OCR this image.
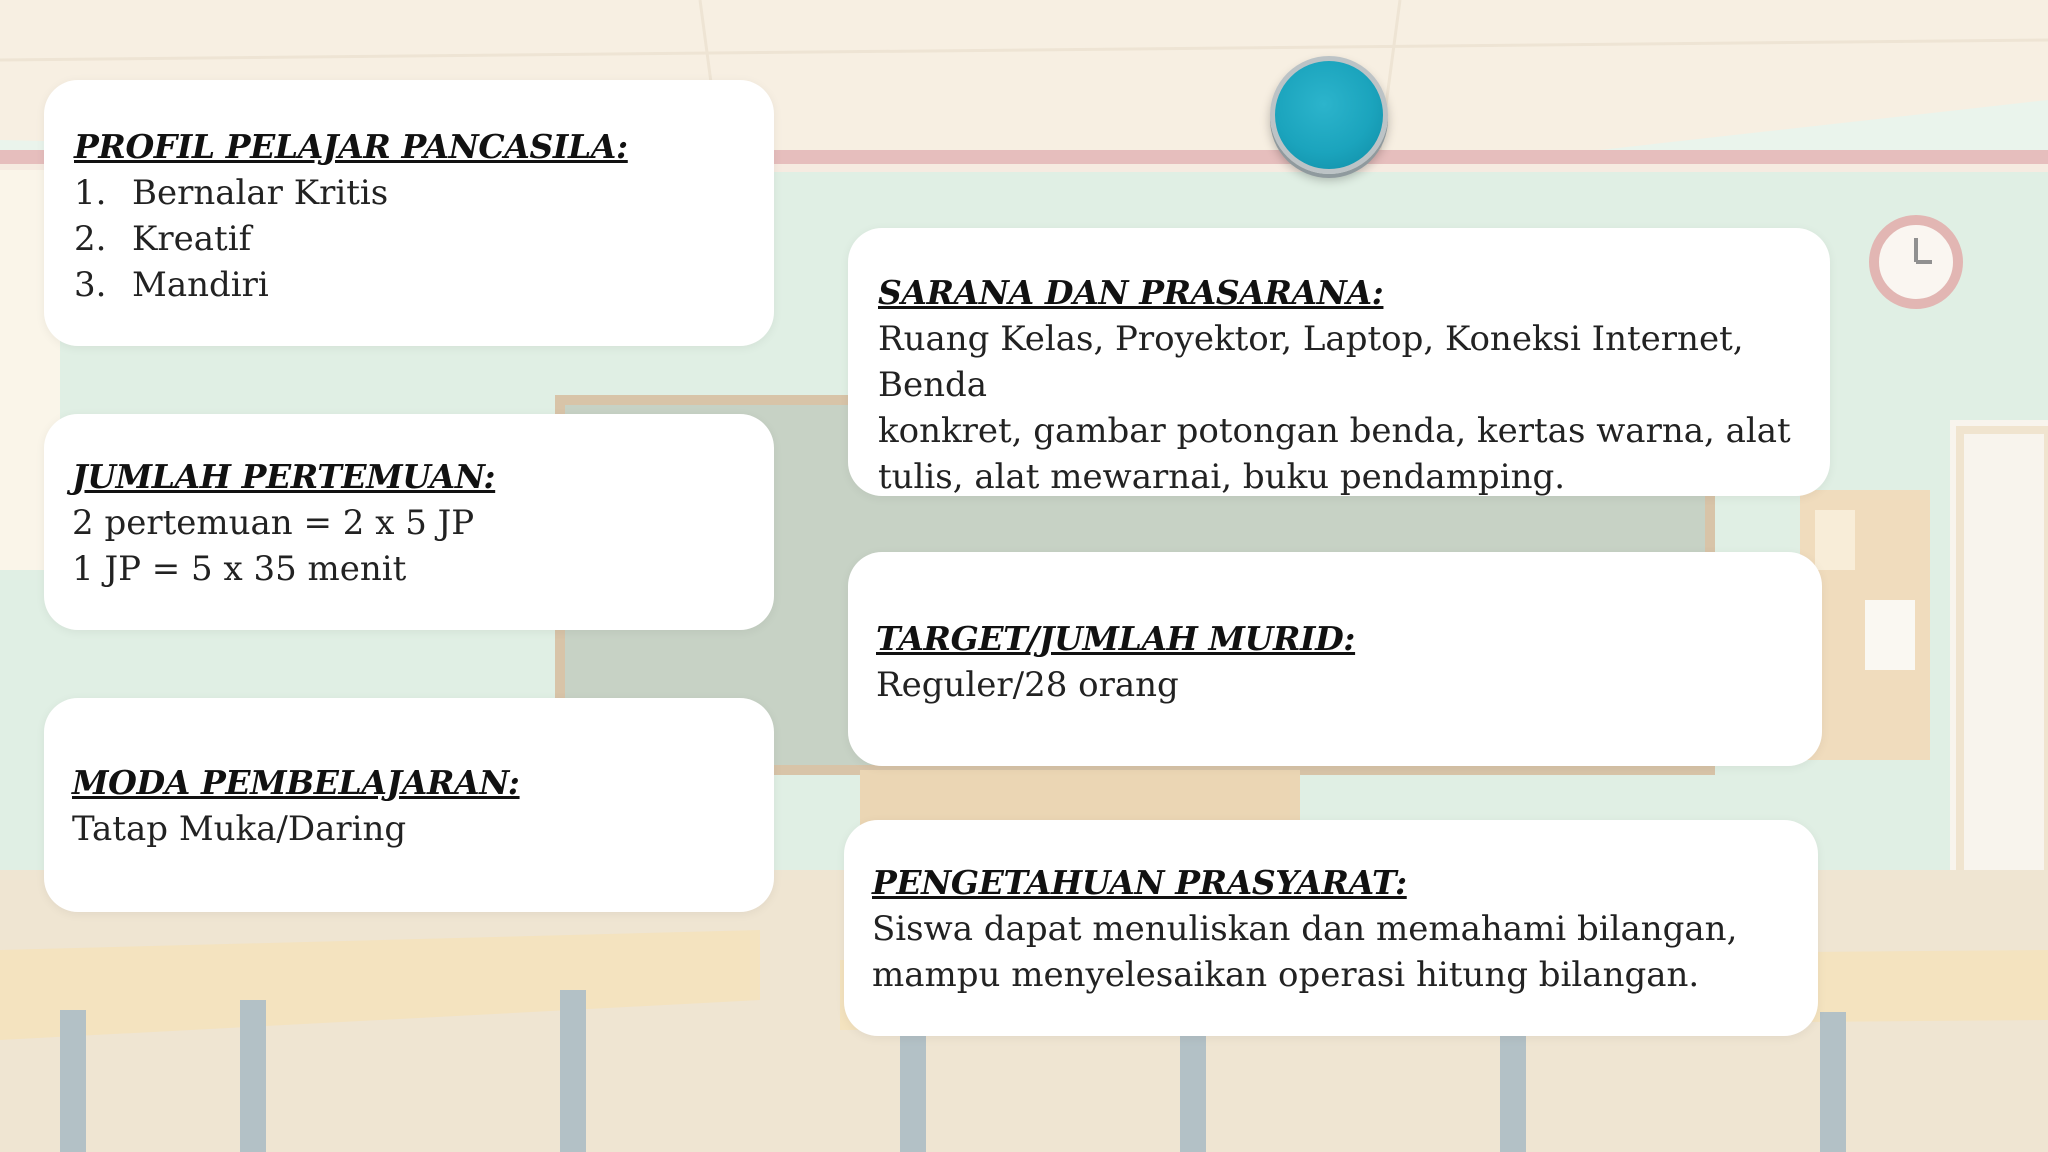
PROFIL PELAJAR PANCASILA:
1. Bernalar Kritis
2. Kreatif
3. Mandiri
JUMLAH PERTEMUAN:
2 pertemuan = 2 x 5 JP
1 JP = 5 x 35 menit
MODA PEMBELAJARAN:
Tatap Muka/Daring
SARANA DAN PRASARANA:
Ruang Kelas, Proyektor, Laptop, Koneksi Internet, Benda
konkret, gambar potongan benda, kertas warna, alat
tulis, alat mewarnai, buku pendamping.
TARGET/JUMLAH MURID:
Reguler/28 orang
PENGETAHUAN PRASYARAT:
Siswa dapat menuliskan dan memahami bilangan,
mampu menyelesaikan operasi hitung bilangan.
